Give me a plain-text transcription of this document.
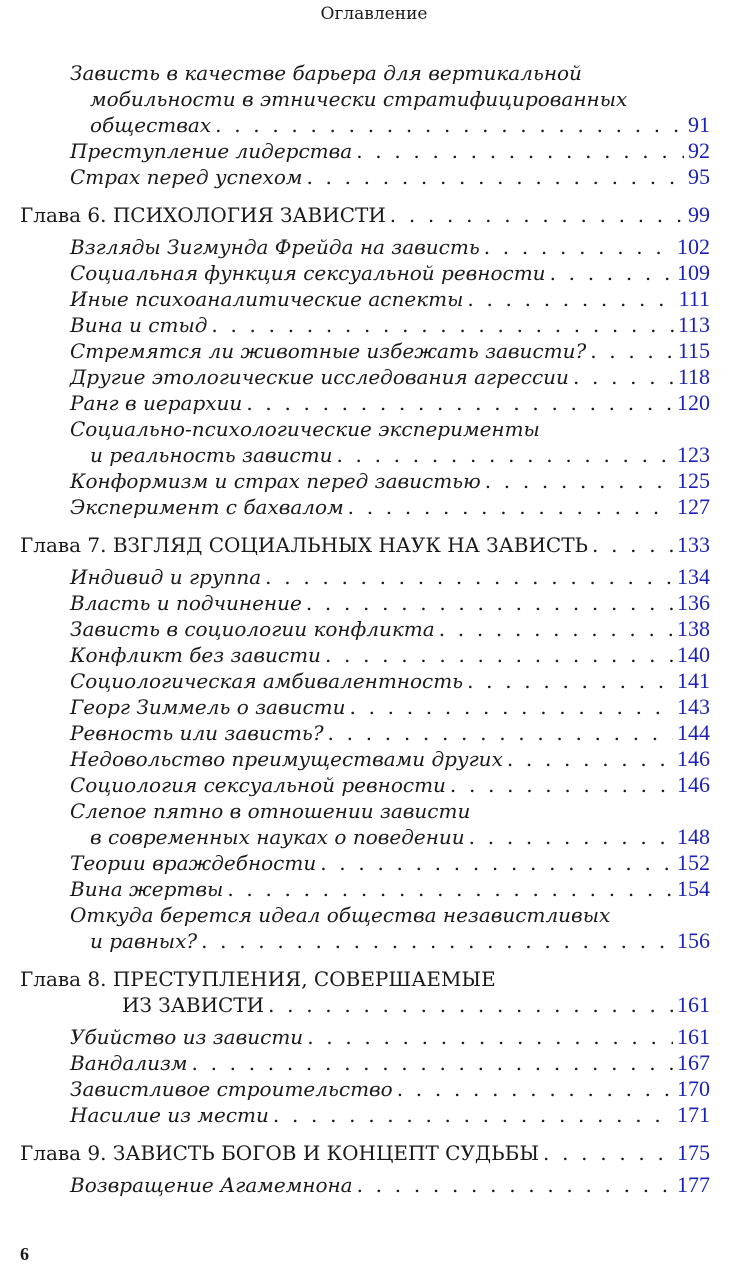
Оглавление
Зависть в качестве барьера для вертикальной
мобильности в этнически стратифицированных
обществах . .	91
Преступление лидерства . .	92
Страх перед успехом . .	95
Глава 6. ПСИХОЛОГИЯ ЗАВИСТИ . .	99
Взгляды Зигмунда Фрейда на зависть . .	102
Социальная функция сексуальной ревности . .	109
Иные психоаналитические аспекты . .	111
Вина и стыд . .	113
Стремятся ли животные избежать зависти? . .	115
Другие этологические исследования агрессии . .	118
Ранг в иерархии . .	120
Социально-психологические эксперименты
и реальность зависти . .	123
Конформизм и страх перед завистью . .	125
Эксперимент с бахвалом . .	127
Глава 7. ВЗГЛЯД СОЦИАЛЬНЫХ НАУК НА ЗАВИСТЬ . .	133
Индивид и группа . .	134
Власть и подчинение . .	136
Зависть в социологии конфликта . .	138
Конфликт без зависти . .	140
Социологическая амбивалентность . .	141
Георг Зиммель о зависти . .	143
Ревность или зависть? . .	144
Недовольство преимуществами других . .	146
Социология сексуальной ревности . .	146
Слепое пятно в отношении зависти
в современных науках о поведении . .	148
Теории враждебности . .	152
Вина жертвы . .	154
Откуда берется идеал общества независтливых
и равных? . .	156
Глава 8. ПРЕСТУПЛЕНИЯ, СОВЕРШАЕМЫЕ
ИЗ ЗАВИСТИ . .	161
Убийство из зависти . .	161
Вандализм . .	167
Завистливое строительство . .	170
Насилие из мести . .	171
Глава 9. ЗАВИСТЬ БОГОВ И КОНЦЕПТ СУДЬБЫ . .	175
Возвращение Агамемнона . .	177
6
